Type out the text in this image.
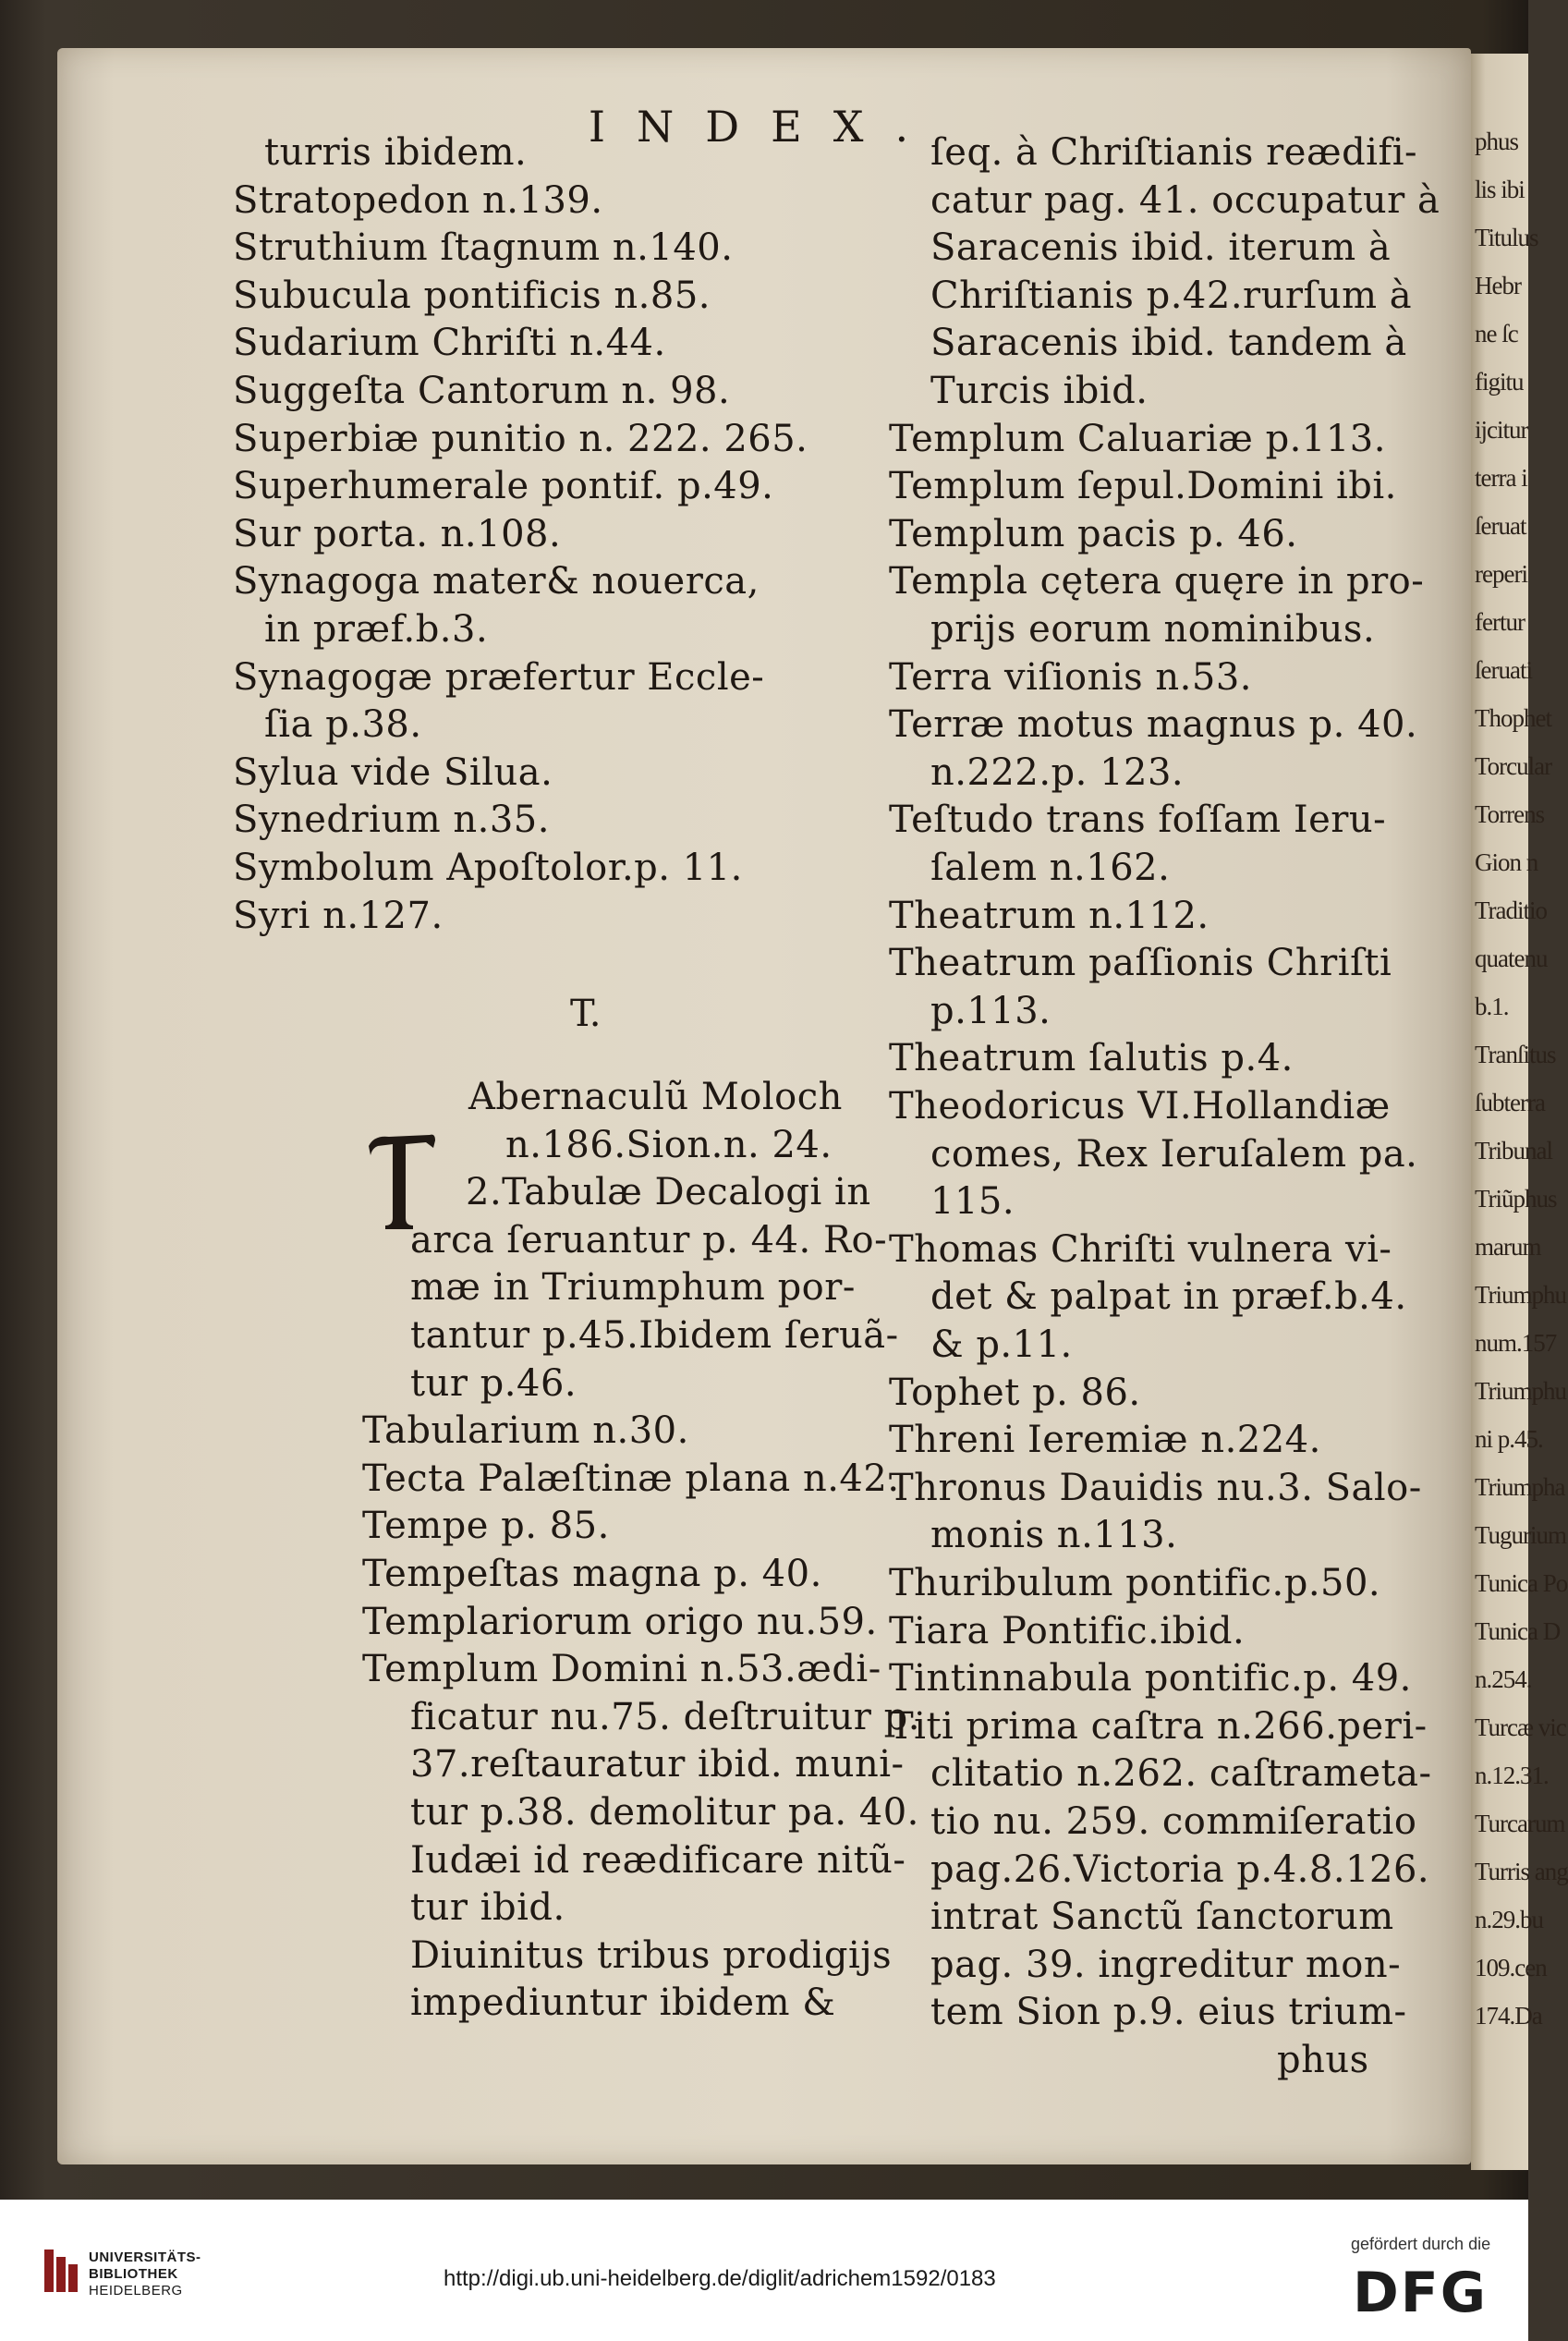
INDEX.
turris ibidem.
Stratopedon n.139.
Struthium ſtagnum n.140.
Subucula pontificis n.85.
Sudarium Chriſti n.44.
Suggeſta Cantorum n. 98.
Superbiæ punitio n. 222. 265.
Superhumerale pontif. p.49.
Sur porta. n.108.
Synagoga mater& nouerca,
in præf.b.3.
Synagogæ præfertur Eccle-
ſia p.38.
Sylua vide Silua.
Synedrium n.35.
Symbolum Apoſtolor.p. 11.
Syri n.127.
T.
Abernaculũ Moloch
n.186.Sion.n. 24.
2.Tabulæ Decalogi in
arca ſeruantur p. 44. Ro-
mæ in Triumphum por-
tantur p.45.Ibidem ſeruã-
tur p.46.
Tabularium n.30.
Tecta Palæſtinæ plana n.42.
Tempe p. 85.
Tempeſtas magna p. 40.
Templariorum origo nu.59.
Templum Domini n.53.ædi-
ficatur nu.75. deſtruitur p.
37.reſtauratur ibid. muni-
tur p.38. demolitur pa. 40.
Iudæi id reædificare nitũ-
tur ibid.
Diuinitus tribus prodigijs
impediuntur ibidem &
ſeq. à Chriſtianis reædifi-
catur pag. 41. occupatur à
Saracenis ibid. iterum à
Chriſtianis p.42.rurſum à
Saracenis ibid. tandem à
Turcis ibid.
Templum Caluariæ p.113.
Templum ſepul.Domini ibi.
Templum pacis p. 46.
Templa cętera quęre in pro-
prijs eorum nominibus.
Terra viſionis n.53.
Terræ motus magnus p. 40.
n.222.p. 123.
Teſtudo trans foſſam Ieru-
ſalem n.162.
Theatrum n.112.
Theatrum paſſionis Chriſti
p.113.
Theatrum ſalutis p.4.
Theodoricus VI.Hollandiæ
comes, Rex Ieruſalem pa.
115.
Thomas Chriſti vulnera vi-
det & palpat in præf.b.4.
& p.11.
Tophet p. 86.
Threni Ieremiæ n.224.
Thronus Dauidis nu.3. Salo-
monis n.113.
Thuribulum pontific.p.50.
Tiara Pontific.ibid.
Tintinnabula pontific.p. 49.
Titi prima caſtra n.266.peri-
clitatio n.262. caſtrameta-
tio nu. 259. commiſeratio
pag.26.Victoria p.4.8.126.
intrat Sanctũ ſanctorum
pag. 39. ingreditur mon-
tem Sion p.9. eius trium-
phus
phus
lis ibi
Titulus
Hebr
ne ſc
figitu
ijcitur
terra i
ſeruat
reperi
fertur
ſeruati
Thophet
Torcular
Torrens
Gion n
Traditio
quatenu
b.1.
Tranſitus
ſubterra
Tribunal
Triũphus
marum
Triumphu
num.157
Triumphu
ni p.45.
Triumpha
Tugurium
Tunica Po
Tunica D
n.254.
Turcæ vic
n.12.31.
Turcarum
Turris ang
n.29.bu
109.cen
174.Da
UNIVERSITÄTS-
BIBLIOTHEK
HEIDELBERG	http://digi.ub.uni-heidelberg.de/diglit/adrichem1592/0183
gefördert durch die
DFG
